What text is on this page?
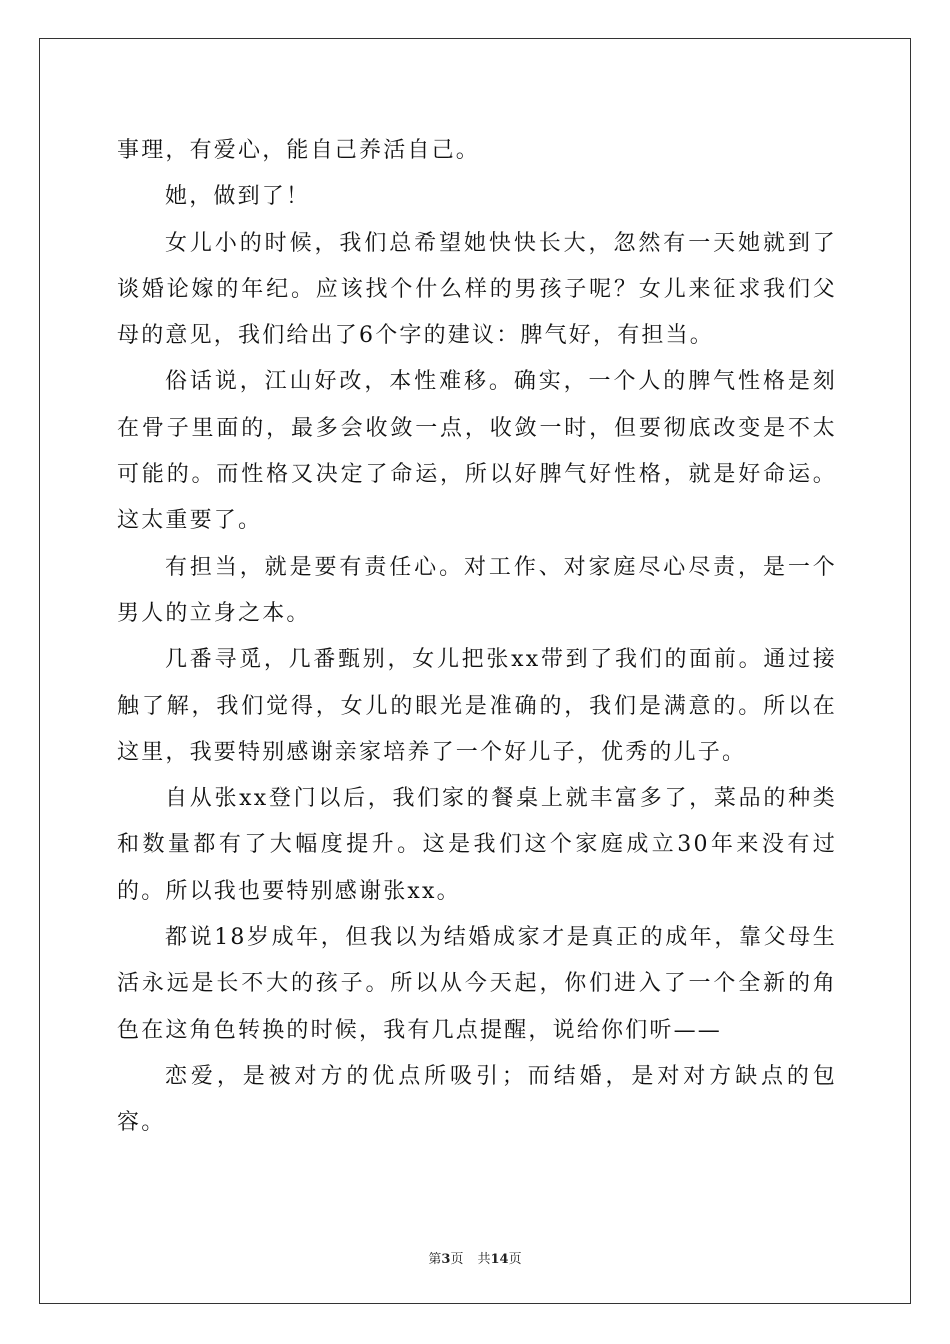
事理，有爱心，能自己养活自己。

她，做到了！

女儿小的时候，我们总希望她快快长大，忽然有一天她就到了谈婚论嫁的年纪。应该找个什么样的男孩子呢？女儿来征求我们父母的意见，我们给出了6个字的建议：脾气好，有担当。

俗话说，江山好改，本性难移。确实，一个人的脾气性格是刻在骨子里面的，最多会收敛一点，收敛一时，但要彻底改变是不太可能的。而性格又决定了命运，所以好脾气好性格，就是好命运。这太重要了。

有担当，就是要有责任心。对工作、对家庭尽心尽责，是一个男人的立身之本。

几番寻觅，几番甄别，女儿把张xx带到了我们的面前。通过接触了解，我们觉得，女儿的眼光是准确的，我们是满意的。所以在这里，我要特别感谢亲家培养了一个好儿子，优秀的儿子。

自从张xx登门以后，我们家的餐桌上就丰富多了，菜品的种类和数量都有了大幅度提升。这是我们这个家庭成立30年来没有过的。所以我也要特别感谢张xx。

都说18岁成年，但我以为结婚成家才是真正的成年，靠父母生活永远是长不大的孩子。所以从今天起，你们进入了一个全新的角色在这角色转换的时候，我有几点提醒，说给你们听——

恋爱，是被对方的优点所吸引；而结婚，是对对方缺点的包容。

第3页 共14页
